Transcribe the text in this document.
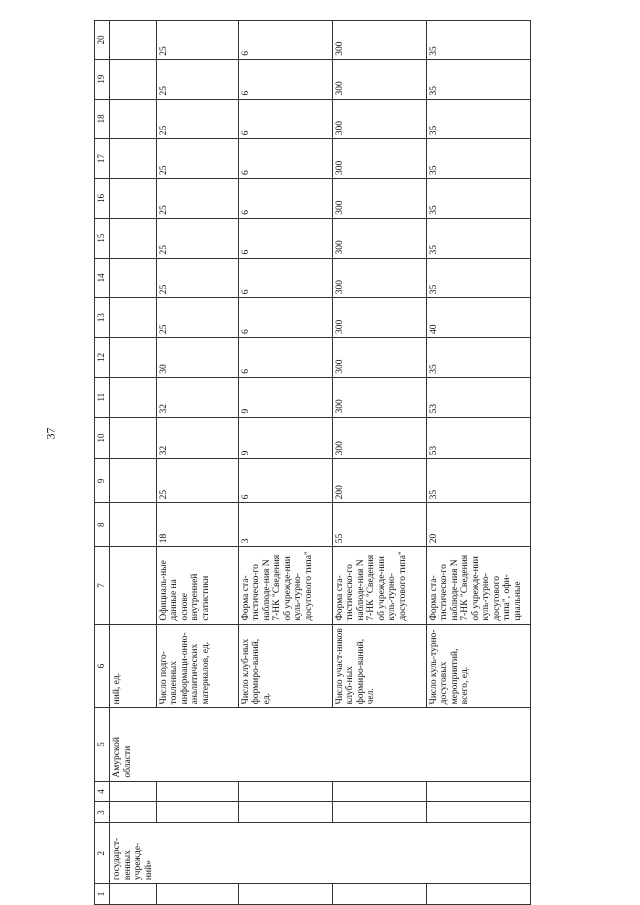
37
1	2	3	4	5	6	7	8	9	10	11	12	13	14	15	16	17	18	19	20
	государст-венных учрежде-ний»			Амурской области	ний, ед.														
					Число подго-товленных информаци-онно-аналитических материалов, ед.	Официаль-ные данные на основе внутренней статистики	18	25	32	32	30	25	25	25	25	25	25	25	25
					Число клуб-ных формиро-ваний, ед.	Форма ста-тистическо-го наблюде-ния N 7-НК "Сведения об учрежде-нии куль-турно-досугового типа"	3	6	9	9	6	6	6	6	6	6	6	6	6
					Число участ-ников клуб-ных формиро-ваний, чел.	Форма ста-тистическо-го наблюде-ния N 7-НК "Сведения об учрежде-нии куль-турно-досугового типа"	55	200	300	300	300	300	300	300	300	300	300	300	300
					Число куль-турно-досуговых мероприятий, всего, ед.	Форма ста-тистическо-го наблюде-ния N 7-НК "Сведения об учрежде-нии куль-турно-досугового типа", офи-циальные	20	35	53	53	35	40	35	35	35	35	35	35	35
